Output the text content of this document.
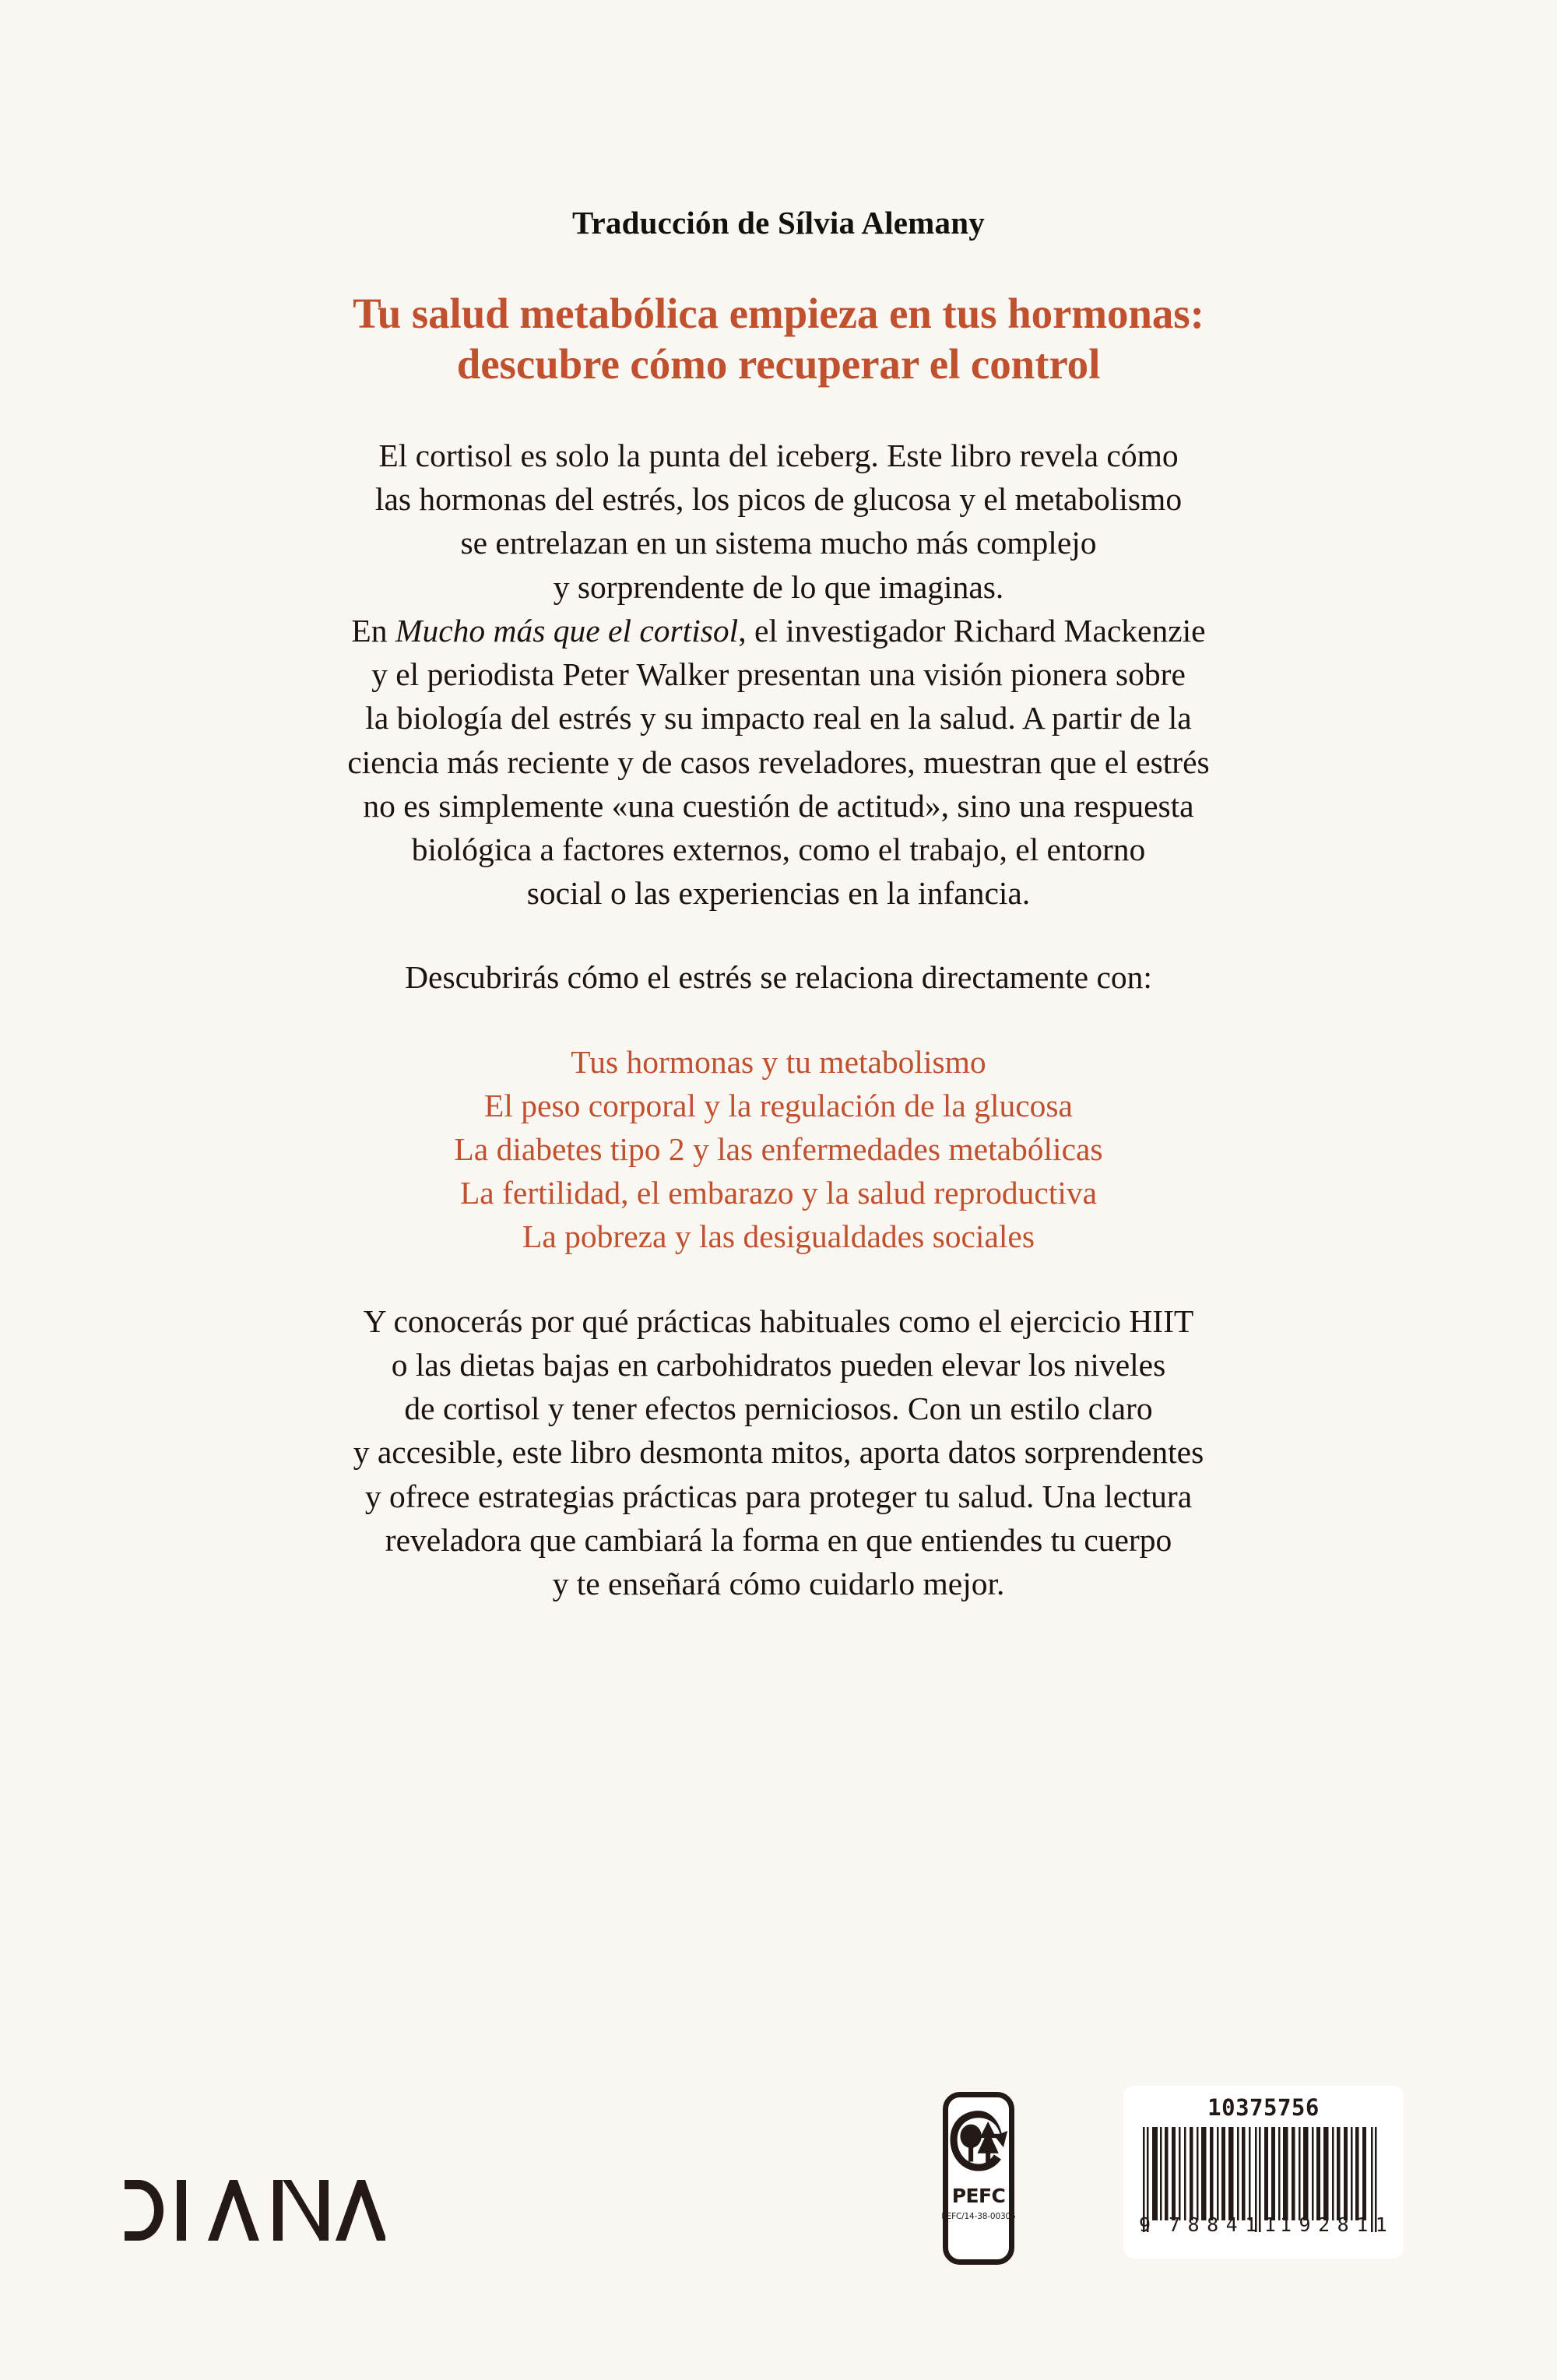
Traducción de Sílvia Alemany
Tu salud metabólica empieza en tus hormonas:
descubre cómo recuperar el control
El cortisol es solo la punta del iceberg. Este libro revela cómo
las hormonas del estrés, los picos de glucosa y el metabolismo
se entrelazan en un sistema mucho más complejo
y sorprendente de lo que imaginas.
En Mucho más que el cortisol, el investigador Richard Mackenzie
y el periodista Peter Walker presentan una visión pionera sobre
la biología del estrés y su impacto real en la salud. A partir de la
ciencia más reciente y de casos reveladores, muestran que el estrés
no es simplemente «una cuestión de actitud», sino una respuesta
biológica a factores externos, como el trabajo, el entorno
social o las experiencias en la infancia.
Descubrirás cómo el estrés se relaciona directamente con:
Tus hormonas y tu metabolismo
El peso corporal y la regulación de la glucosa
La diabetes tipo 2 y las enfermedades metabólicas
La fertilidad, el embarazo y la salud reproductiva
La pobreza y las desigualdades sociales
Y conocerás por qué prácticas habituales como el ejercicio HIIT
o las dietas bajas en carbohidratos pueden elevar los niveles
de cortisol y tener efectos perniciosos. Con un estilo claro
y accesible, este libro desmonta mitos, aporta datos sorprendentes
y ofrece estrategias prácticas para proteger tu salud. Una lectura
reveladora que cambiará la forma en que entiendes tu cuerpo
y te enseñará cómo cuidarlo mejor.
PEFC
PEFC/14-38-00305
10375756
9 788411
192811
